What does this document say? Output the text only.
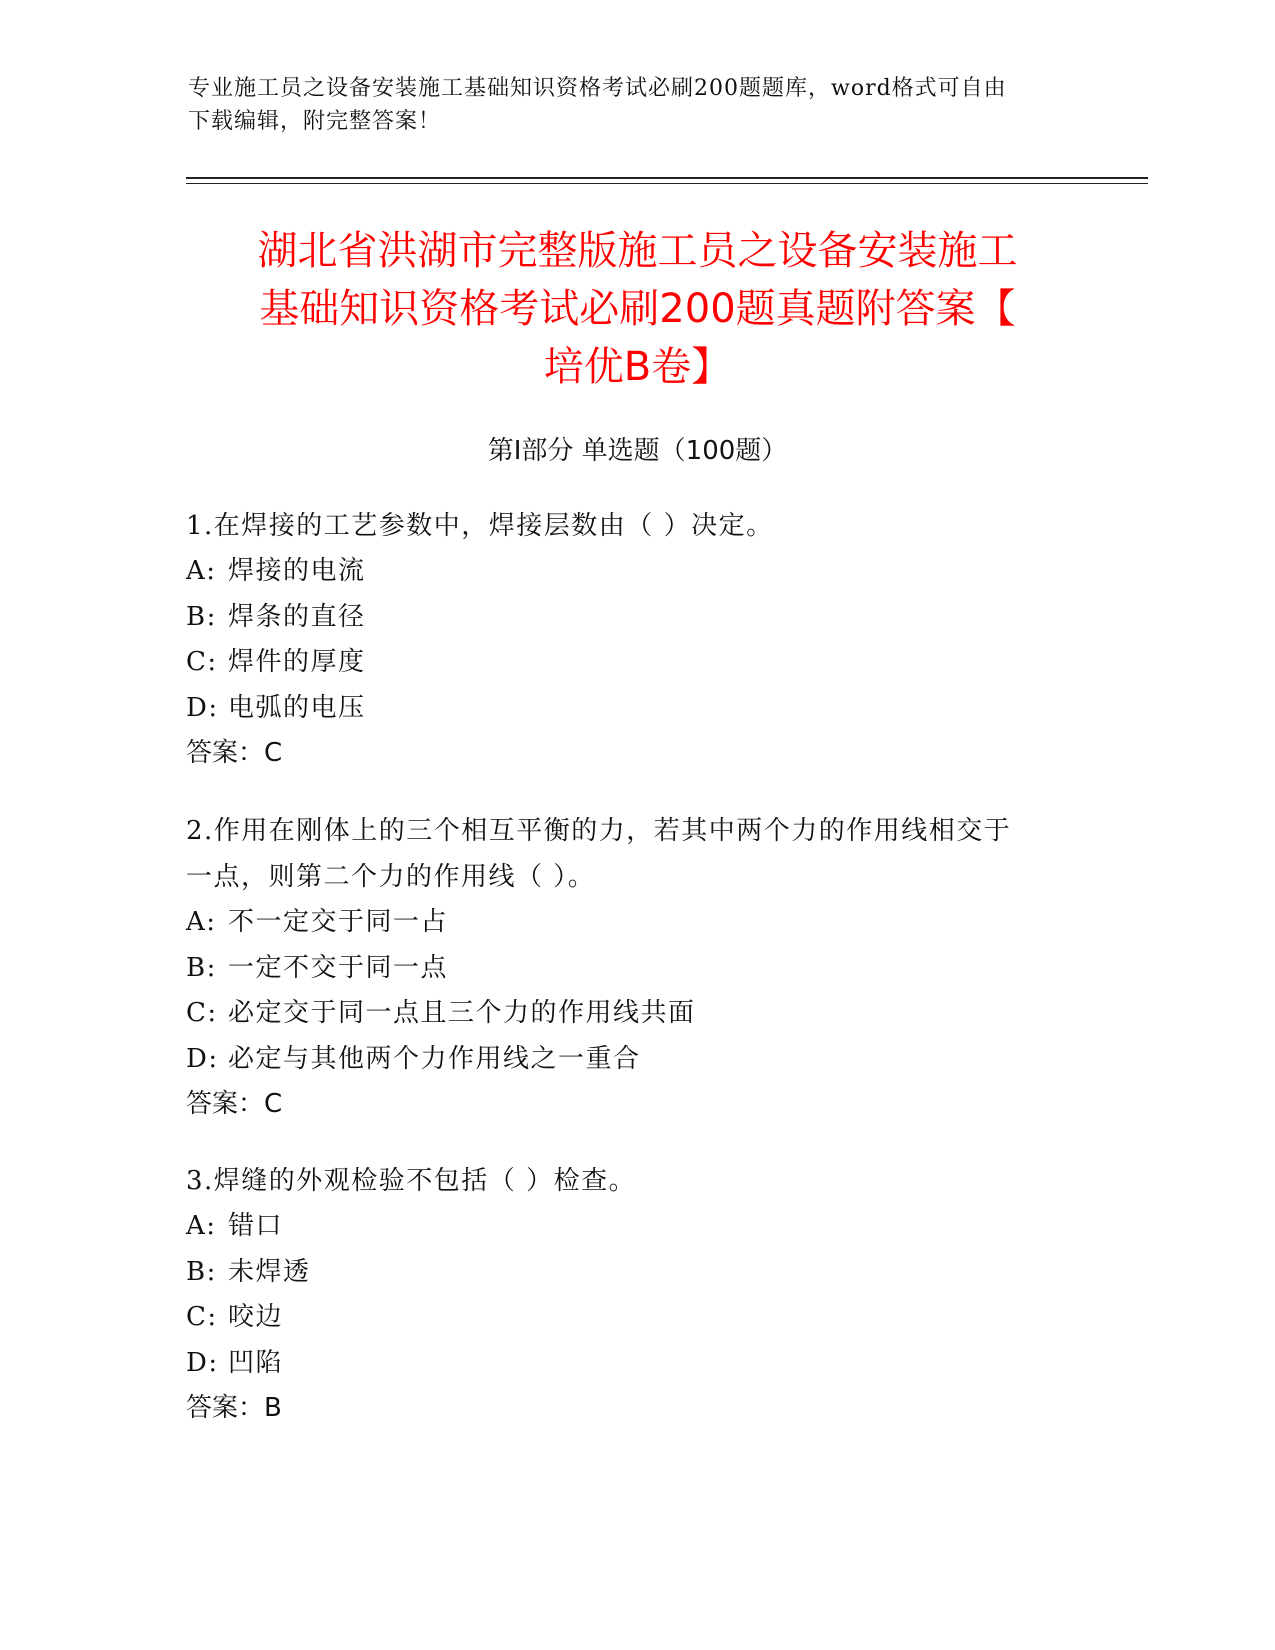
专业施工员之设备安装施工基础知识资格考试必刷200题题库，word格式可自由
下载编辑，附完整答案！
湖北省洪湖市完整版施工员之设备安装施工
基础知识资格考试必刷200题真题附答案【
培优B卷】
第Ⅰ部分 单选题（100题）

1.在焊接的工艺参数中，焊接层数由（ ）决定。

A: 焊接的电流

B: 焊条的直径

C: 焊件的厚度

D: 电弧的电压

答案：C

2.作用在刚体上的三个相互平衡的力，若其中两个力的作用线相交于

一点，则第二个力的作用线（ ）。

A: 不一定交于同一占

B: 一定不交于同一点

C: 必定交于同一点且三个力的作用线共面

D: 必定与其他两个力作用线之一重合

答案：C

3.焊缝的外观检验不包括（ ）检查。

A: 错口

B: 未焊透

C: 咬边

D: 凹陷

答案：B
